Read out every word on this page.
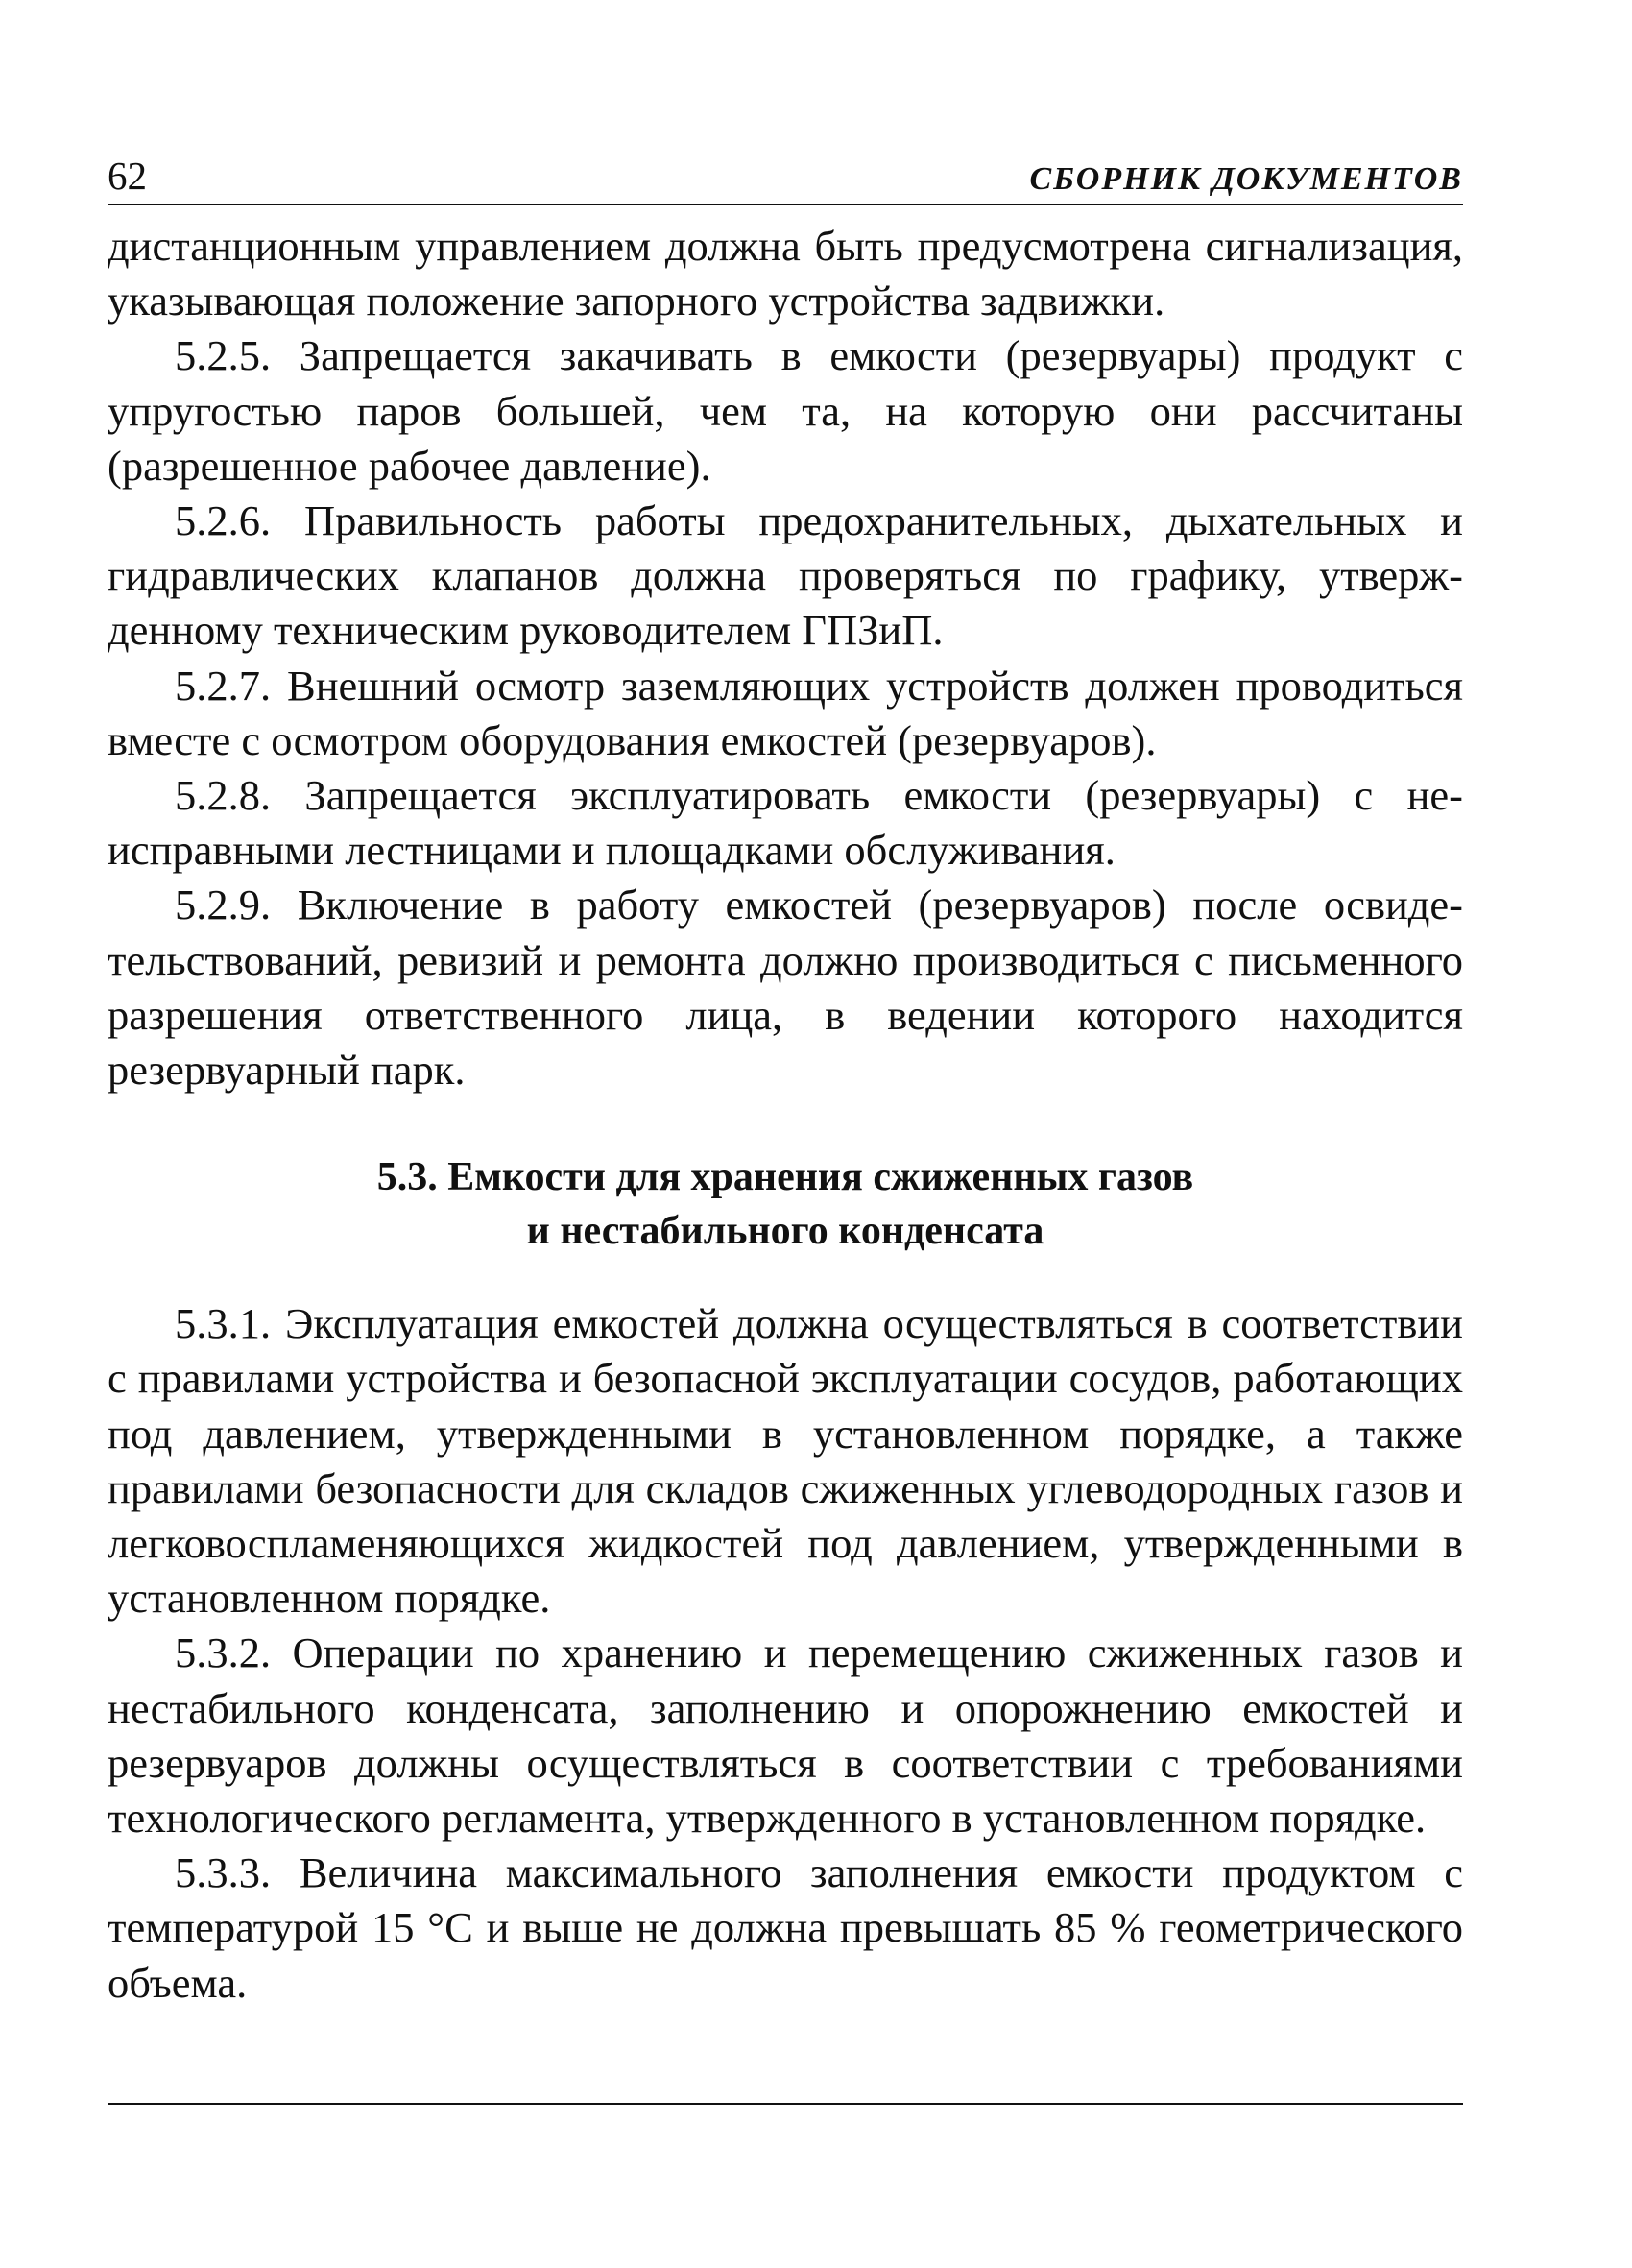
62	СБОРНИК ДОКУМЕНТОВ

дистанционным управлением должна быть предусмотрена сигнализация, указывающая положение запорного устройства задвижки.

5.2.5. Запрещается закачивать в емкости (резервуары) продукт с упругостью паров большей, чем та, на которую они рассчитаны (разрешенное рабочее давление).

5.2.6. Правильность работы предохранительных, дыхательных и гидравлических клапанов должна проверяться по графику, утвержденному техническим руководителем ГПЗиП.

5.2.7. Внешний осмотр заземляющих устройств должен проводиться вместе с осмотром оборудования емкостей (резервуаров).

5.2.8. Запрещается эксплуатировать емкости (резервуары) с неисправными лестницами и площадками обслуживания.

5.2.9. Включение в работу емкостей (резервуаров) после освидетельствований, ревизий и ремонта должно производиться с письменного разрешения ответственного лица, в ведении которого находится резервуарный парк.

5.3. Емкости для хранения сжиженных газов
и нестабильного конденсата

5.3.1. Эксплуатация емкостей должна осуществляться в соответствии с правилами устройства и безопасной эксплуатации сосудов, работающих под давлением, утвержденными в установленном порядке, а также правилами безопасности для складов сжиженных углеводородных газов и легковоспламеняющихся жидкостей под давлением, утвержденными в установленном порядке.

5.3.2. Операции по хранению и перемещению сжиженных газов и нестабильного конденсата, заполнению и опорожнению емкостей и резервуаров должны осуществляться в соответствии с требованиями технологического регламента, утвержденного в установленном порядке.

5.3.3. Величина максимального заполнения емкости продуктом с температурой 15 °С и выше не должна превышать 85 % геометрического объема.
